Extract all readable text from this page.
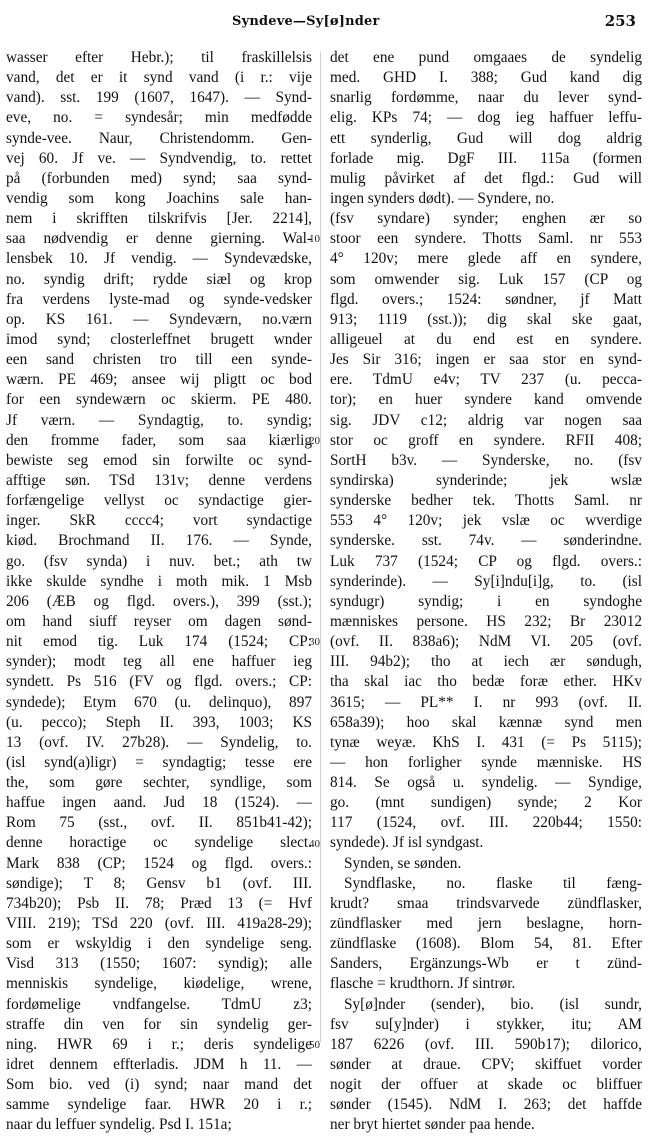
Syndeve—Sy[ø]nder	253
wasser efter Hebr.); til fraskillelsis
vand, det er it synd vand (i r.: vije
vand). sst. 199 (1607, 1647). — Synd-
eve, no. = syndesår; min medfødde
synde-vee. Naur, Christendomm. Gen-
vej 60. Jf ve. — Syndvendig, to. rettet
på (forbunden med) synd; saa synd-
vendig som kong Joachins sale han-
nem i skrifften tilskrifvis [Jer. 2214],
saa nødvendig er denne gierning. Wal-
lensbek 10. Jf vendig. — Syndevædske,
no. syndig drift; rydde siæl og krop
fra verdens lyste-mad og synde-vedsker
op. KS 161. — Syndeværn, no.værn
imod synd; closterleffnet brugett wnder
een sand christen tro till een synde-
wærn. PE 469; ansee wij pligtt oc bod
for een syndewærn oc skierm. PE 480.
Jf værn. — Syndagtig, to. syndig;
den fromme fader, som saa kiærlig
bewiste seg emod sin forwilte oc synd-
afftige søn. TSd 131v; denne verdens
forfængelige vellyst oc syndactige gier-
inger. SkR cccc4; vort syndactige
kiød. Brochmand II. 176. — Synde,
go. (fsv synda) i nuv. bet.; ath tw
ikke skulde syndhe i moth mik. 1 Msb
206 (ÆB og flgd. overs.), 399 (sst.);
om hand siuff reyser om dagen sønd-
nit emod tig. Luk 174 (1524; CP:
synder); modt teg all ene haffuer ieg
syndett. Ps 516 (FV og flgd. overs.; CP:
syndede); Etym 670 (u. delinquo), 897
(u. pecco); Steph II. 393, 1003; KS
13 (ovf. IV. 27b28). — Syndelig, to.
(isl synd(a)ligr) = syndagtig; tesse ere
the, som gøre sechter, syndlige, som
haffue ingen aand. Jud 18 (1524). —
Rom 75 (sst., ovf. II. 851b41-42);
denne horactige oc syndelige slect.
Mark 838 (CP; 1524 og flgd. overs.:
søndige); T 8; Gensv b1 (ovf. III.
734b20); Psb II. 78; Præd 13 (= Hvf
VIII. 219); TSd 220 (ovf. III. 419a28-29);
som er wskyldig i den syndelige seng.
Visd 313 (1550; 1607: syndig); alle
menniskis syndelige, kiødelige, wrene,
fordømelige vndfangelse. TdmU z3;
straffe din ven for sin syndelig ger-
ning. HWR 69 i r.; deris syndelige
idret dennem effterladis. JDM h 11. —
Som bio. ved (i) synd; naar mand det
samme syndelige faar. HWR 20 i r.;
naar du leffuer syndelig. Psd I. 151a;
det ene pund omgaaes de syndelig
med. GHD I. 388; Gud kand dig
snarlig fordømme, naar du lever synd-
elig. KPs 74; — dog ieg haffuer leffu-
ett synderlig, Gud will dog aldrig
forlade mig. DgF III. 115a (formen
mulig påvirket af det flgd.: Gud will
ingen synders dødt). — Syndere, no.
(fsv syndare) synder; enghen ær so
stoor een syndere. Thotts Saml. nr 553
4° 120v; mere glede aff en syndere,
som omwender sig. Luk 157 (CP og
flgd. overs.; 1524: søndner, jf Matt
913; 1119 (sst.)); dig skal ske gaat,
alligeuel at du end est en syndere.
Jes Sir 316; ingen er saa stor en synd-
ere. TdmU e4v; TV 237 (u. pecca-
tor); en huer syndere kand omvende
sig. JDV c12; aldrig var nogen saa
stor oc groff en syndere. RFII 408;
SortH b3v. — Synderske, no. (fsv
syndirska) synderinde; jek wslæ
synderske bedher tek. Thotts Saml. nr
553 4° 120v; jek vslæ oc wverdige
synderske. sst. 74v. — sønderindne.
Luk 737 (1524; CP og flgd. overs.:
synderinde). — Sy[i]ndu[i]g, to. (isl
syndugr) syndig; i en syndoghe
mænniskes persone. HS 232; Br 23012
(ovf. II. 838a6); NdM VI. 205 (ovf.
III. 94b2); tho at iech ær søndugh,
tha skal iac tho bedæ foræ ether. HKv
3615; — PL** I. nr 993 (ovf. II.
658a39); hoo skal kænnæ synd men
tynæ weyæ. KhS I. 431 (= Ps 5115);
— hon forligher synde mænniske. HS
814. Se også u. syndelig. — Syndige,
go. (mnt sundigen) synde; 2 Kor
117 (1524, ovf. III. 220b44; 1550:
syndede). Jf isl syndgast.
Synden, se sønden.
Syndflaske, no. flaske til fæng-
krudt? smaa trindsvarvede zündflasker,
zündflasker med jern beslagne, horn-
zündflaske (1608). Blom 54, 81. Efter
Sanders, Ergänzungs-Wb er t zünd-
flasche = krudthorn. Jf sintrør.
Sy[ø]nder (sender), bio. (isl sundr,
fsv su[y]nder) i stykker, itu; AM
187 6226 (ovf. III. 590b17); dilorico,
sønder at draue. CPV; skiffuet vorder
nogit der offuer at skade oc bliffuer
sønder (1545). NdM I. 263; det haffde
ner bryt hiertet sønder paa hende.
10
20
30
40
50
